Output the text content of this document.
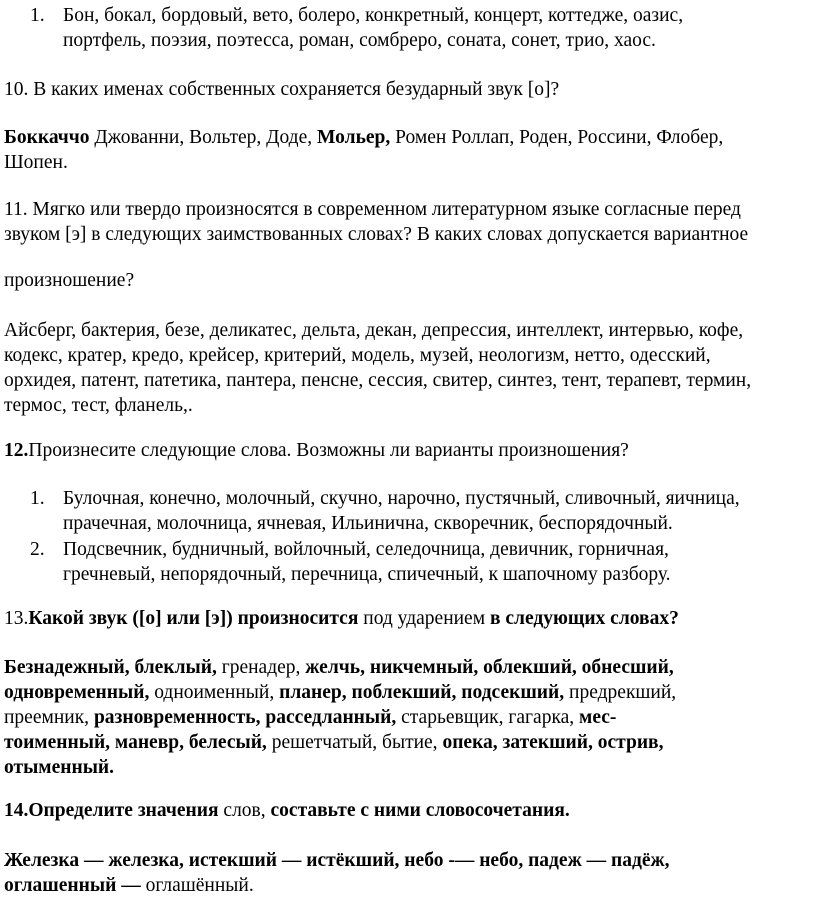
1. Бон, бокал, бордовый, вето, болеро, конкретный, концерт, коттедже, оазис,
портфель, поэзия, поэтесса, роман, сомбреро, соната, сонет, трио, хаос.

10. В каких именах собственных сохраняется безударный звук [о]?

Боккаччо Джованни, Вольтер, Доде, Мольер, Ромен Роллап, Роден, Россини, Флобер,
Шопен.

11. Мягко или твердо произносятся в современном литературном языке согласные перед
звуком [э] в следующих заимствованных словах? В каких словах допускается вариантное

произношение?

Айсберг, бактерия, безе, деликатес, дельта, декан, депрессия, интеллект, интервью, кофе,
кодекс, кратер, кредо, крейсер, критерий, модель, музей, неологизм, нетто, одесский,
орхидея, патент, патетика, пантера, пенсне, сессия, свитер, синтез, тент, терапевт, термин,
термос, тест, фланель,.

12.Произнесите следующие слова. Возможны ли варианты произношения?

1. Булочная, конечно, молочный, скучно, нарочно, пустячный, сливочный, яичница,
прачечная, молочница, ячневая, Ильинична, скворечник, беспорядочный.
2. Подсвечник, будничный, войлочный, селедочница, девичник, горничная,
гречневый, непорядочный, перечница, спичечный, к шапочному разбору.

13.Какой звук ([о] или [э]) произносится под ударением в следующих словах?

Безнадежный, блеклый, гренадер, желчь, никчемный, облекший, обнесший,
одновременный, одноименный, планер, поблекший, подсекший, предрекший,
преемник, разновременность, расседланный, старьевщик, гагарка, мес-
тоименный, маневр, белесый, решетчатый, бытие, опека, затекший, острив,
отыменный.

14.Определите значения слов, составьте с ними словосочетания.

Железка — железка, истекший — истёкший, небо -— небо, падеж — падёж,
оглашенный — оглашённый.
